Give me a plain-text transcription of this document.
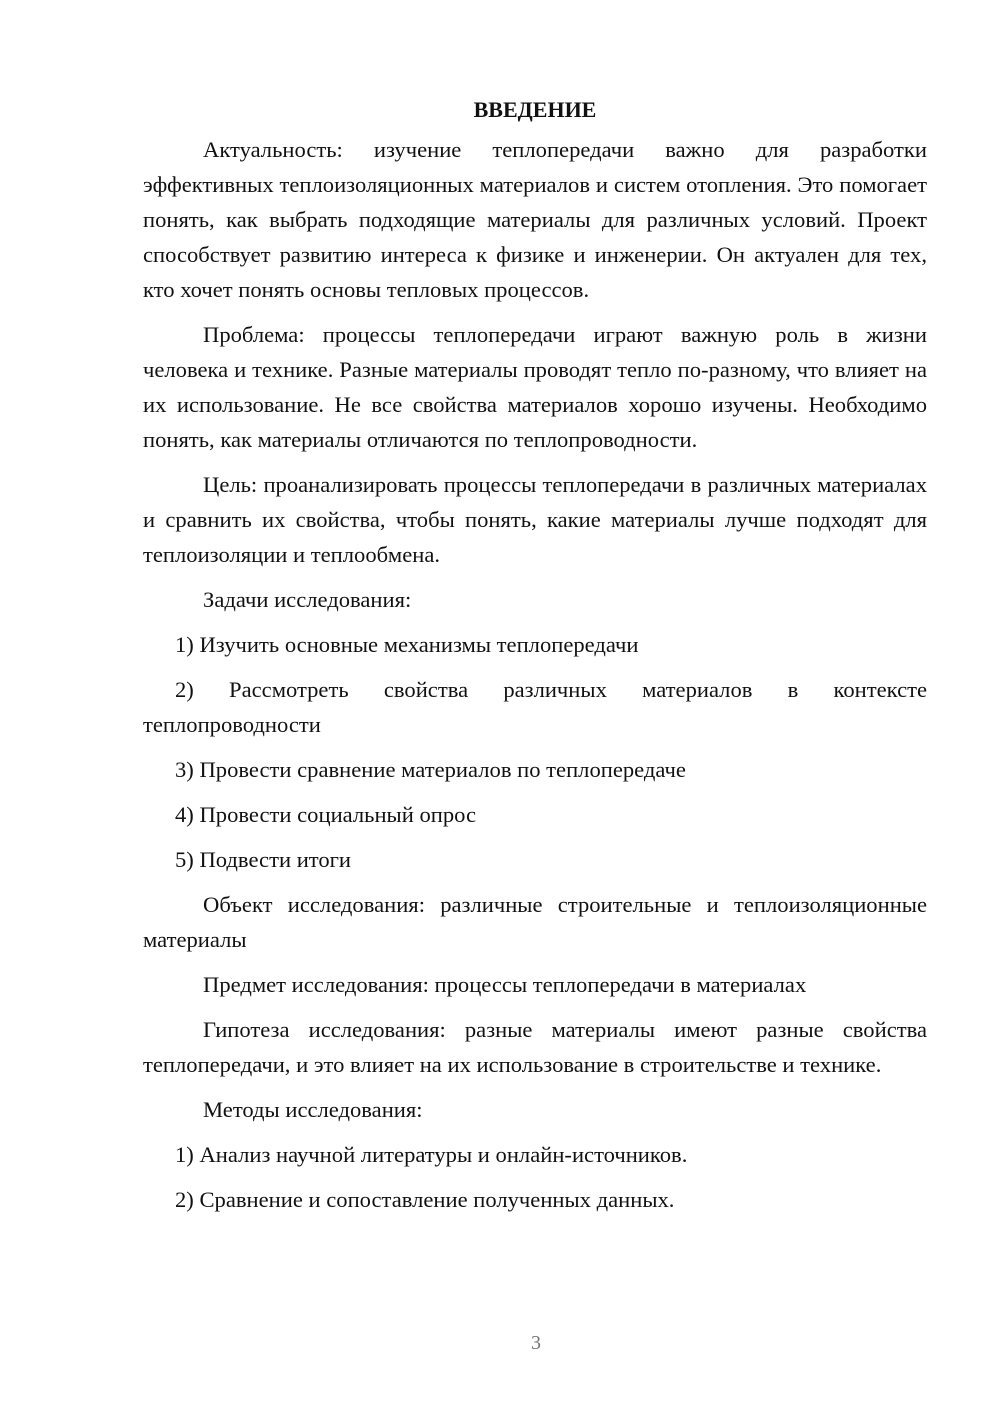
ВВЕДЕНИЕ

Актуальность: изучение теплопередачи важно для разработки эффективных теплоизоляционных материалов и систем отопления. Это помогает понять, как выбрать подходящие материалы для различных условий. Проект способствует развитию интереса к физике и инженерии. Он актуален для тех, кто хочет понять основы тепловых процессов.

Проблема: процессы теплопередачи играют важную роль в жизни человека и технике. Разные материалы проводят тепло по-разному, что влияет на их использование. Не все свойства материалов хорошо изучены. Необходимо понять, как материалы отличаются по теплопроводности.

Цель: проанализировать процессы теплопередачи в различных материалах и сравнить их свойства, чтобы понять, какие материалы лучше подходят для теплоизоляции и теплообмена.

Задачи исследования:

1) Изучить основные механизмы теплопередачи

2) Рассмотреть свойства различных материалов в контексте теплопроводности

3) Провести сравнение материалов по теплопередаче

4) Провести социальный опрос

5) Подвести итоги

Объект исследования: различные строительные и теплоизоляционные материалы

Предмет исследования: процессы теплопередачи в материалах

Гипотеза исследования: разные материалы имеют разные свойства теплопередачи, и это влияет на их использование в строительстве и технике.

Методы исследования:

1) Анализ научной литературы и онлайн-источников.

2) Сравнение и сопоставление полученных данных.

3
